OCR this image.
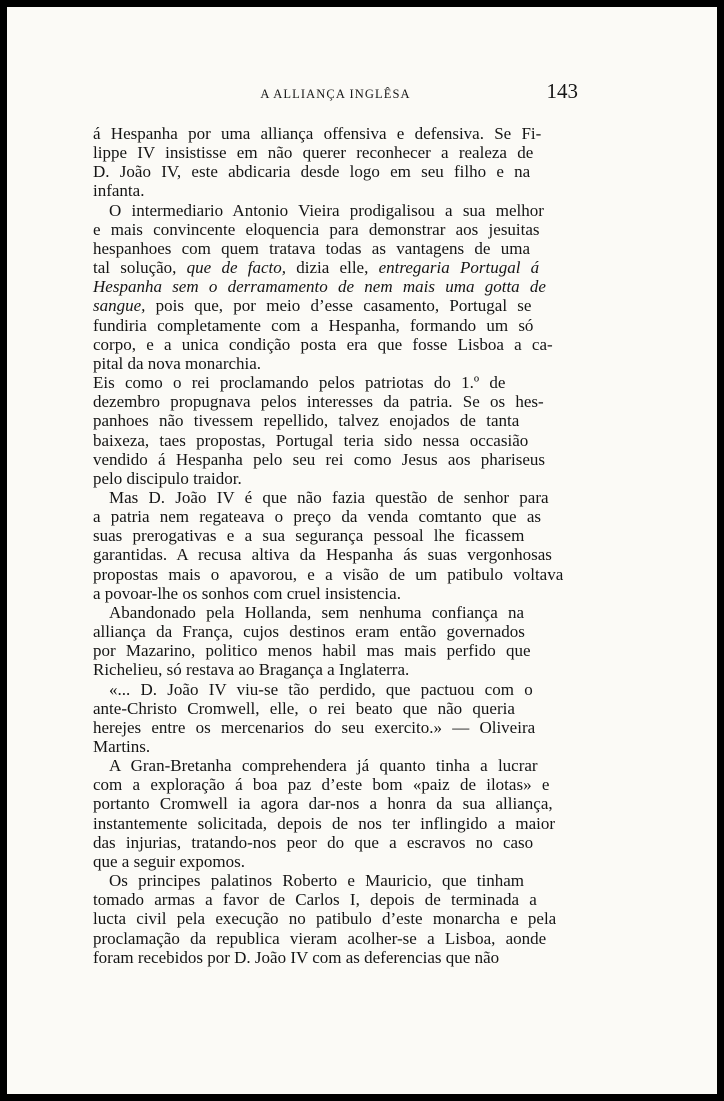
A ALLIANÇA INGLÊSA	143

á Hespanha por uma alliança offensiva e defensiva. Se Fi-
lippe IV insistisse em não querer reconhecer a realeza de
D. João IV, este abdicaria desde logo em seu filho e na
infanta.

O intermediario Antonio Vieira prodigalisou a sua melhor
e mais convincente eloquencia para demonstrar aos jesuitas
hespanhoes com quem tratava todas as vantagens de uma
tal solução, que de facto, dizia elle, entregaria Portugal á
Hespanha sem o derramamento de nem mais uma gotta de
sangue, pois que, por meio d’esse casamento, Portugal se
fundiria completamente com a Hespanha, formando um só
corpo, e a unica condição posta era que fosse Lisboa a ca-
pital da nova monarchia.

Eis como o rei proclamando pelos patriotas do 1.º de
dezembro propugnava pelos interesses da patria. Se os hes-
panhoes não tivessem repellido, talvez enojados de tanta
baixeza, taes propostas, Portugal teria sido nessa occasião
vendido á Hespanha pelo seu rei como Jesus aos phariseus
pelo discipulo traidor.

Mas D. João IV é que não fazia questão de senhor para
a patria nem regateava o preço da venda comtanto que as
suas prerogativas e a sua segurança pessoal lhe ficassem
garantidas. A recusa altiva da Hespanha ás suas vergonhosas
propostas mais o apavorou, e a visão de um patibulo voltava
a povoar-lhe os sonhos com cruel insistencia.

Abandonado pela Hollanda, sem nenhuma confiança na
alliança da França, cujos destinos eram então governados
por Mazarino, politico menos habil mas mais perfido que
Richelieu, só restava ao Bragança a Inglaterra.

«... D. João IV viu-se tão perdido, que pactuou com o
ante-Christo Cromwell, elle, o rei beato que não queria
herejes entre os mercenarios do seu exercito.» — Oliveira
Martins.

A Gran-Bretanha comprehendera já quanto tinha a lucrar
com a exploração á boa paz d’este bom «paiz de ilotas» e
portanto Cromwell ia agora dar-nos a honra da sua alliança,
instantemente solicitada, depois de nos ter inflingido a maior
das injurias, tratando-nos peor do que a escravos no caso
que a seguir expomos.

Os principes palatinos Roberto e Mauricio, que tinham
tomado armas a favor de Carlos I, depois de terminada a
lucta civil pela execução no patibulo d’este monarcha e pela
proclamação da republica vieram acolher-se a Lisboa, aonde
foram recebidos por D. João IV com as deferencias que não
